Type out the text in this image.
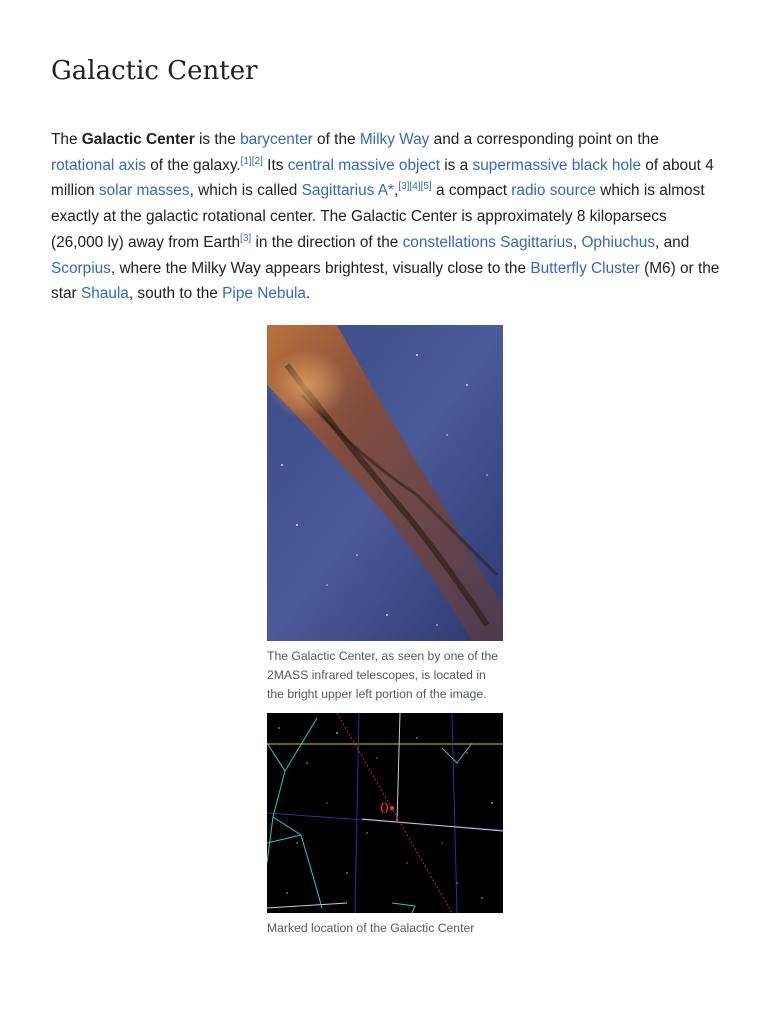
Galactic Center

The Galactic Center is the barycenter of the Milky Way and a corresponding point on the rotational axis of the galaxy.[1][2] Its central massive object is a supermassive black hole of about 4 million solar masses, which is called Sagittarius A*,[3][4][5] a compact radio source which is almost exactly at the galactic rotational center. The Galactic Center is approximately 8 kiloparsecs (26,000 ly) away from Earth[3] in the direction of the constellations Sagittarius, Ophiuchus, and Scorpius, where the Milky Way appears brightest, visually close to the Butterfly Cluster (M6) or the star Shaula, south to the Pipe Nebula.

The Galactic Center, as seen by one of the 2MASS infrared telescopes, is located in the bright upper left portion of the image.
0
Marked location of the Galactic Center
